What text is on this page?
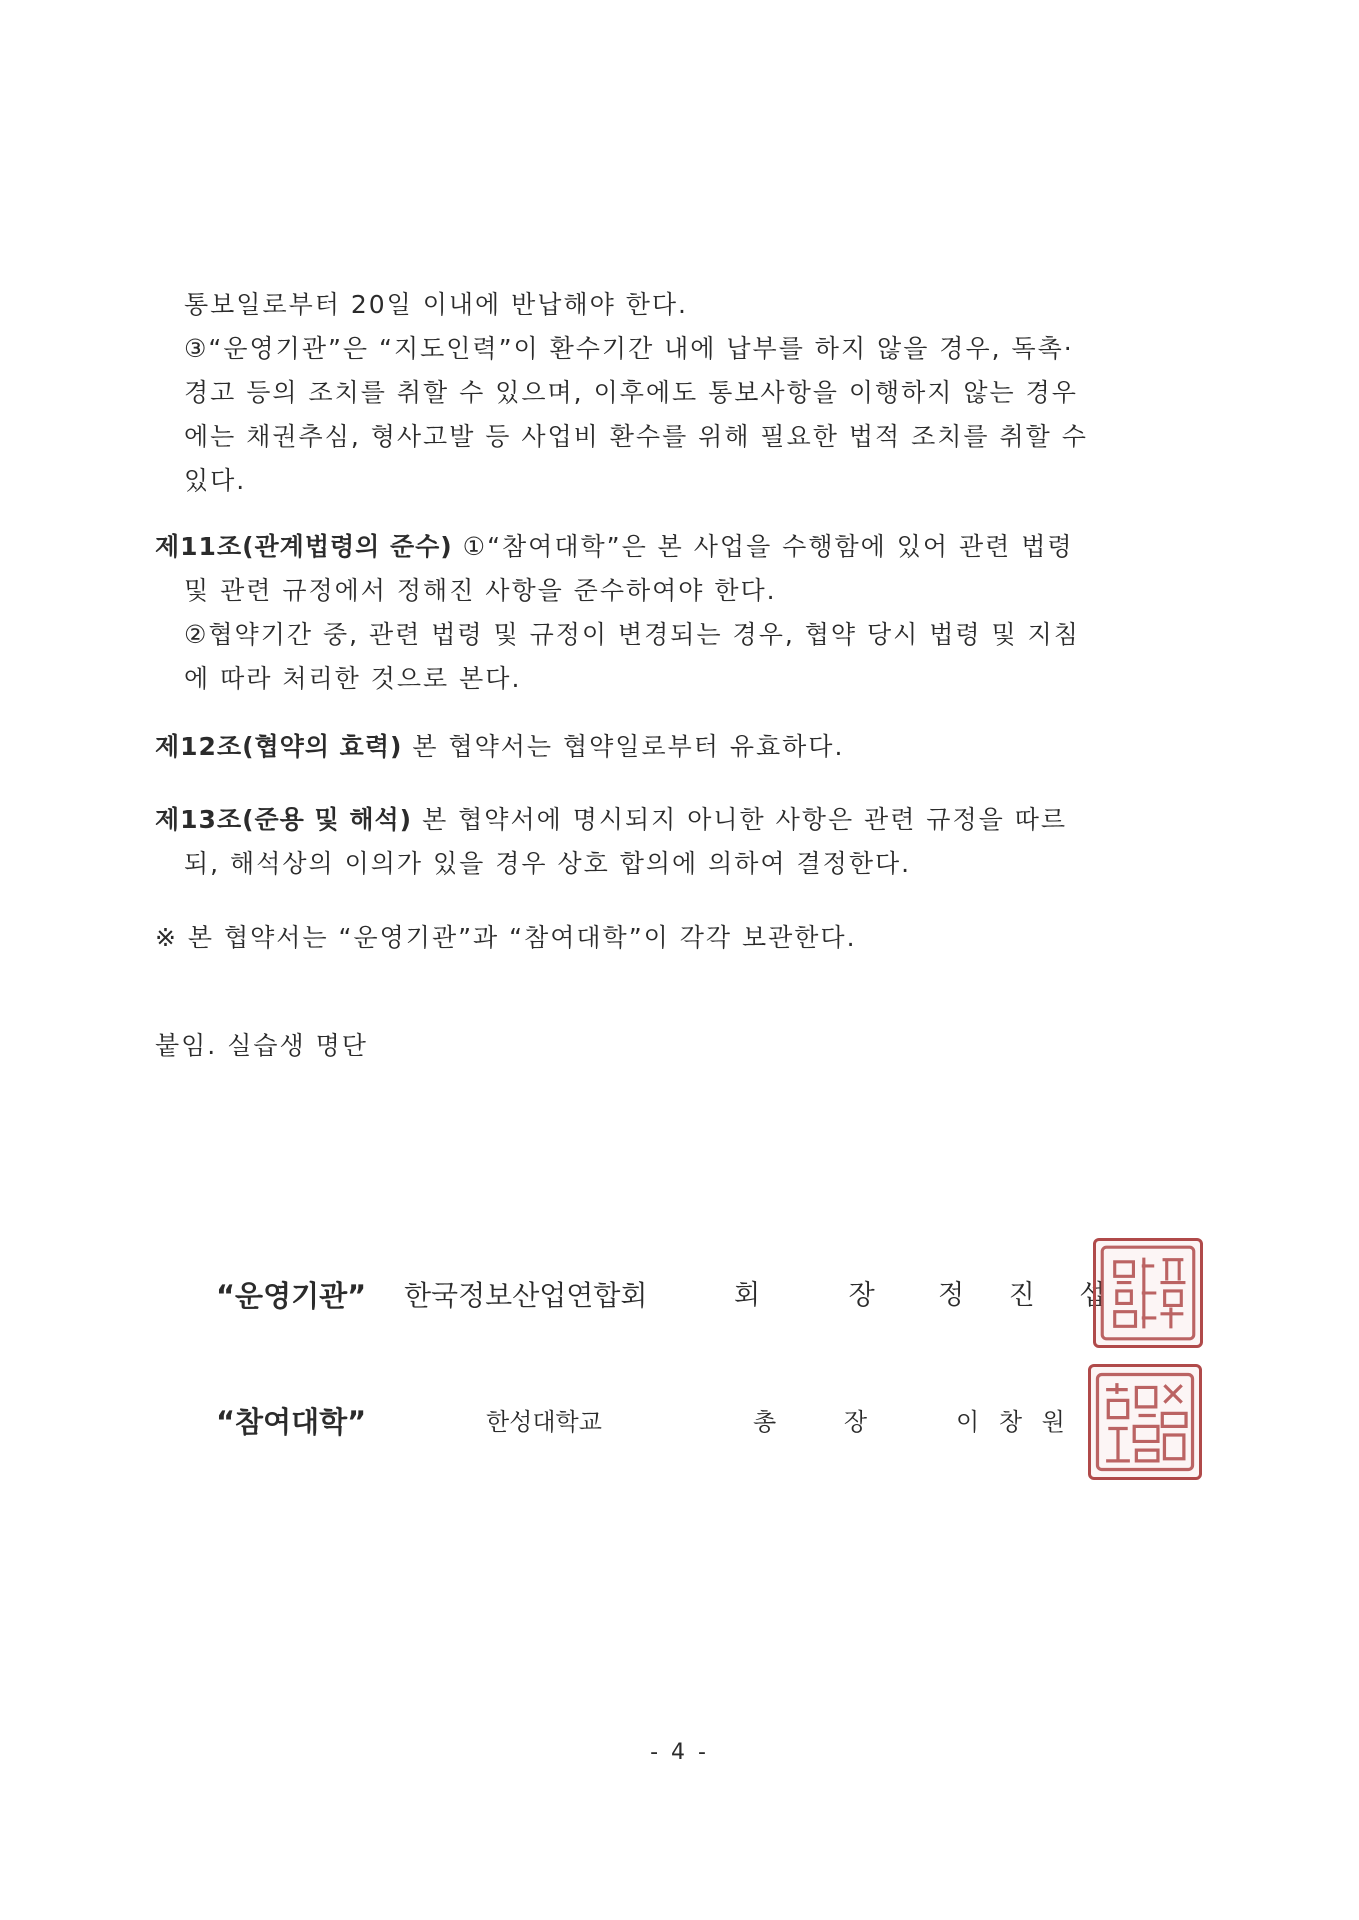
통보일로부터 20일 이내에 반납해야 한다.
③“운영기관”은 “지도인력”이 환수기간 내에 납부를 하지 않을 경우, 독촉·
경고 등의 조치를 취할 수 있으며, 이후에도 통보사항을 이행하지 않는 경우
에는 채권추심, 형사고발 등 사업비 환수를 위해 필요한 법적 조치를 취할 수
있다.
제11조(관계법령의 준수) ①“참여대학”은 본 사업을 수행함에 있어 관련 법령
및 관련 규정에서 정해진 사항을 준수하여야 한다.
②협약기간 중, 관련 법령 및 규정이 변경되는 경우, 협약 당시 법령 및 지침
에 따라 처리한 것으로 본다.
제12조(협약의 효력) 본 협약서는 협약일로부터 유효하다.
제13조(준용 및 해석) 본 협약서에 명시되지 아니한 사항은 관련 규정을 따르
되, 해석상의 이의가 있을 경우 상호 합의에 의하여 결정한다.
※ 본 협약서는 “운영기관”과 “참여대학”이 각각 보관한다.
붙임. 실습생 명단
“운영기관” 한국정보산업연합회	회 장 정 진 섭
“참여대학”	한성대학교	총 장 이 창 원
- 4 -
